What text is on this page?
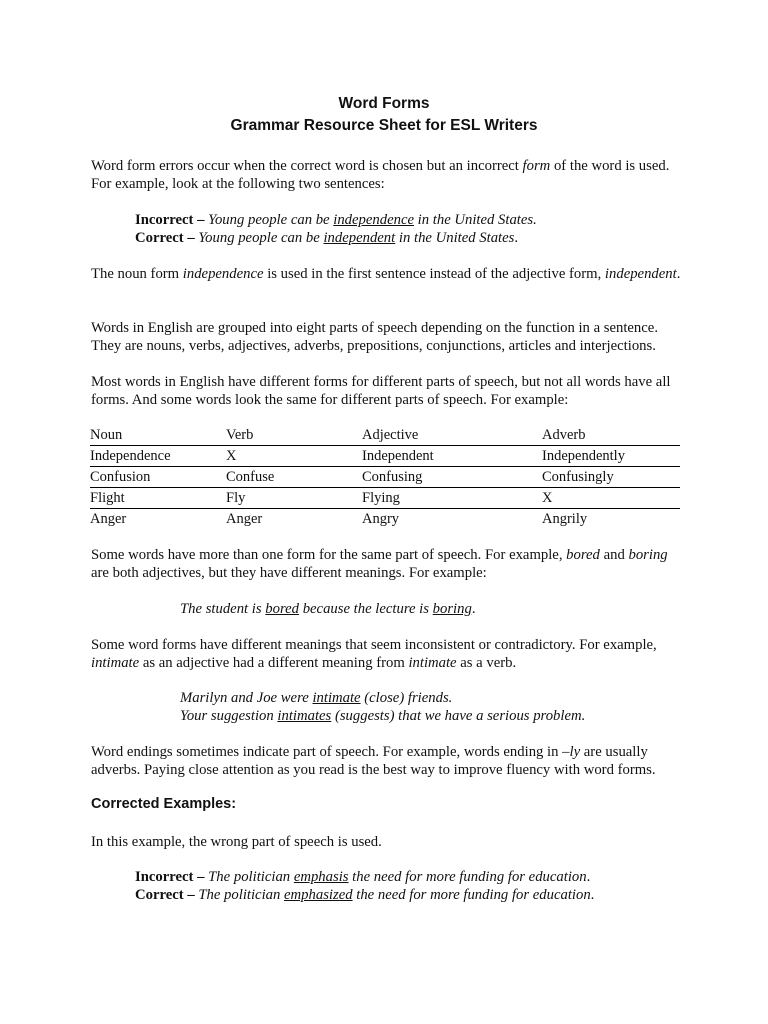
Word Forms
Grammar Resource Sheet for ESL Writers

Word form errors occur when the correct word is chosen but an incorrect form of the word is used. For example, look at the following two sentences:

Incorrect – Young people can be independence in the United States.
Correct – Young people can be independent in the United States.

The noun form independence is used in the first sentence instead of the adjective form, independent.

Words in English are grouped into eight parts of speech depending on the function in a sentence. They are nouns, verbs, adjectives, adverbs, prepositions, conjunctions, articles and interjections.

Most words in English have different forms for different parts of speech, but not all words have all forms. And some words look the same for different parts of speech. For example:

Noun	Verb	Adjective	Adverb
Independence	X	Independent	Independently
Confusion	Confuse	Confusing	Confusingly
Flight	Fly	Flying	X
Anger	Anger	Angry	Angrily

Some words have more than one form for the same part of speech. For example, bored and boring are both adjectives, but they have different meanings. For example:

The student is bored because the lecture is boring.

Some word forms have different meanings that seem inconsistent or contradictory. For example, intimate as an adjective had a different meaning from intimate as a verb.

Marilyn and Joe were intimate (close) friends.
Your suggestion intimates (suggests) that we have a serious problem.

Word endings sometimes indicate part of speech. For example, words ending in –ly are usually adverbs. Paying close attention as you read is the best way to improve fluency with word forms.

Corrected Examples:

In this example, the wrong part of speech is used.

Incorrect – The politician emphasis the need for more funding for education.
Correct – The politician emphasized the need for more funding for education.
